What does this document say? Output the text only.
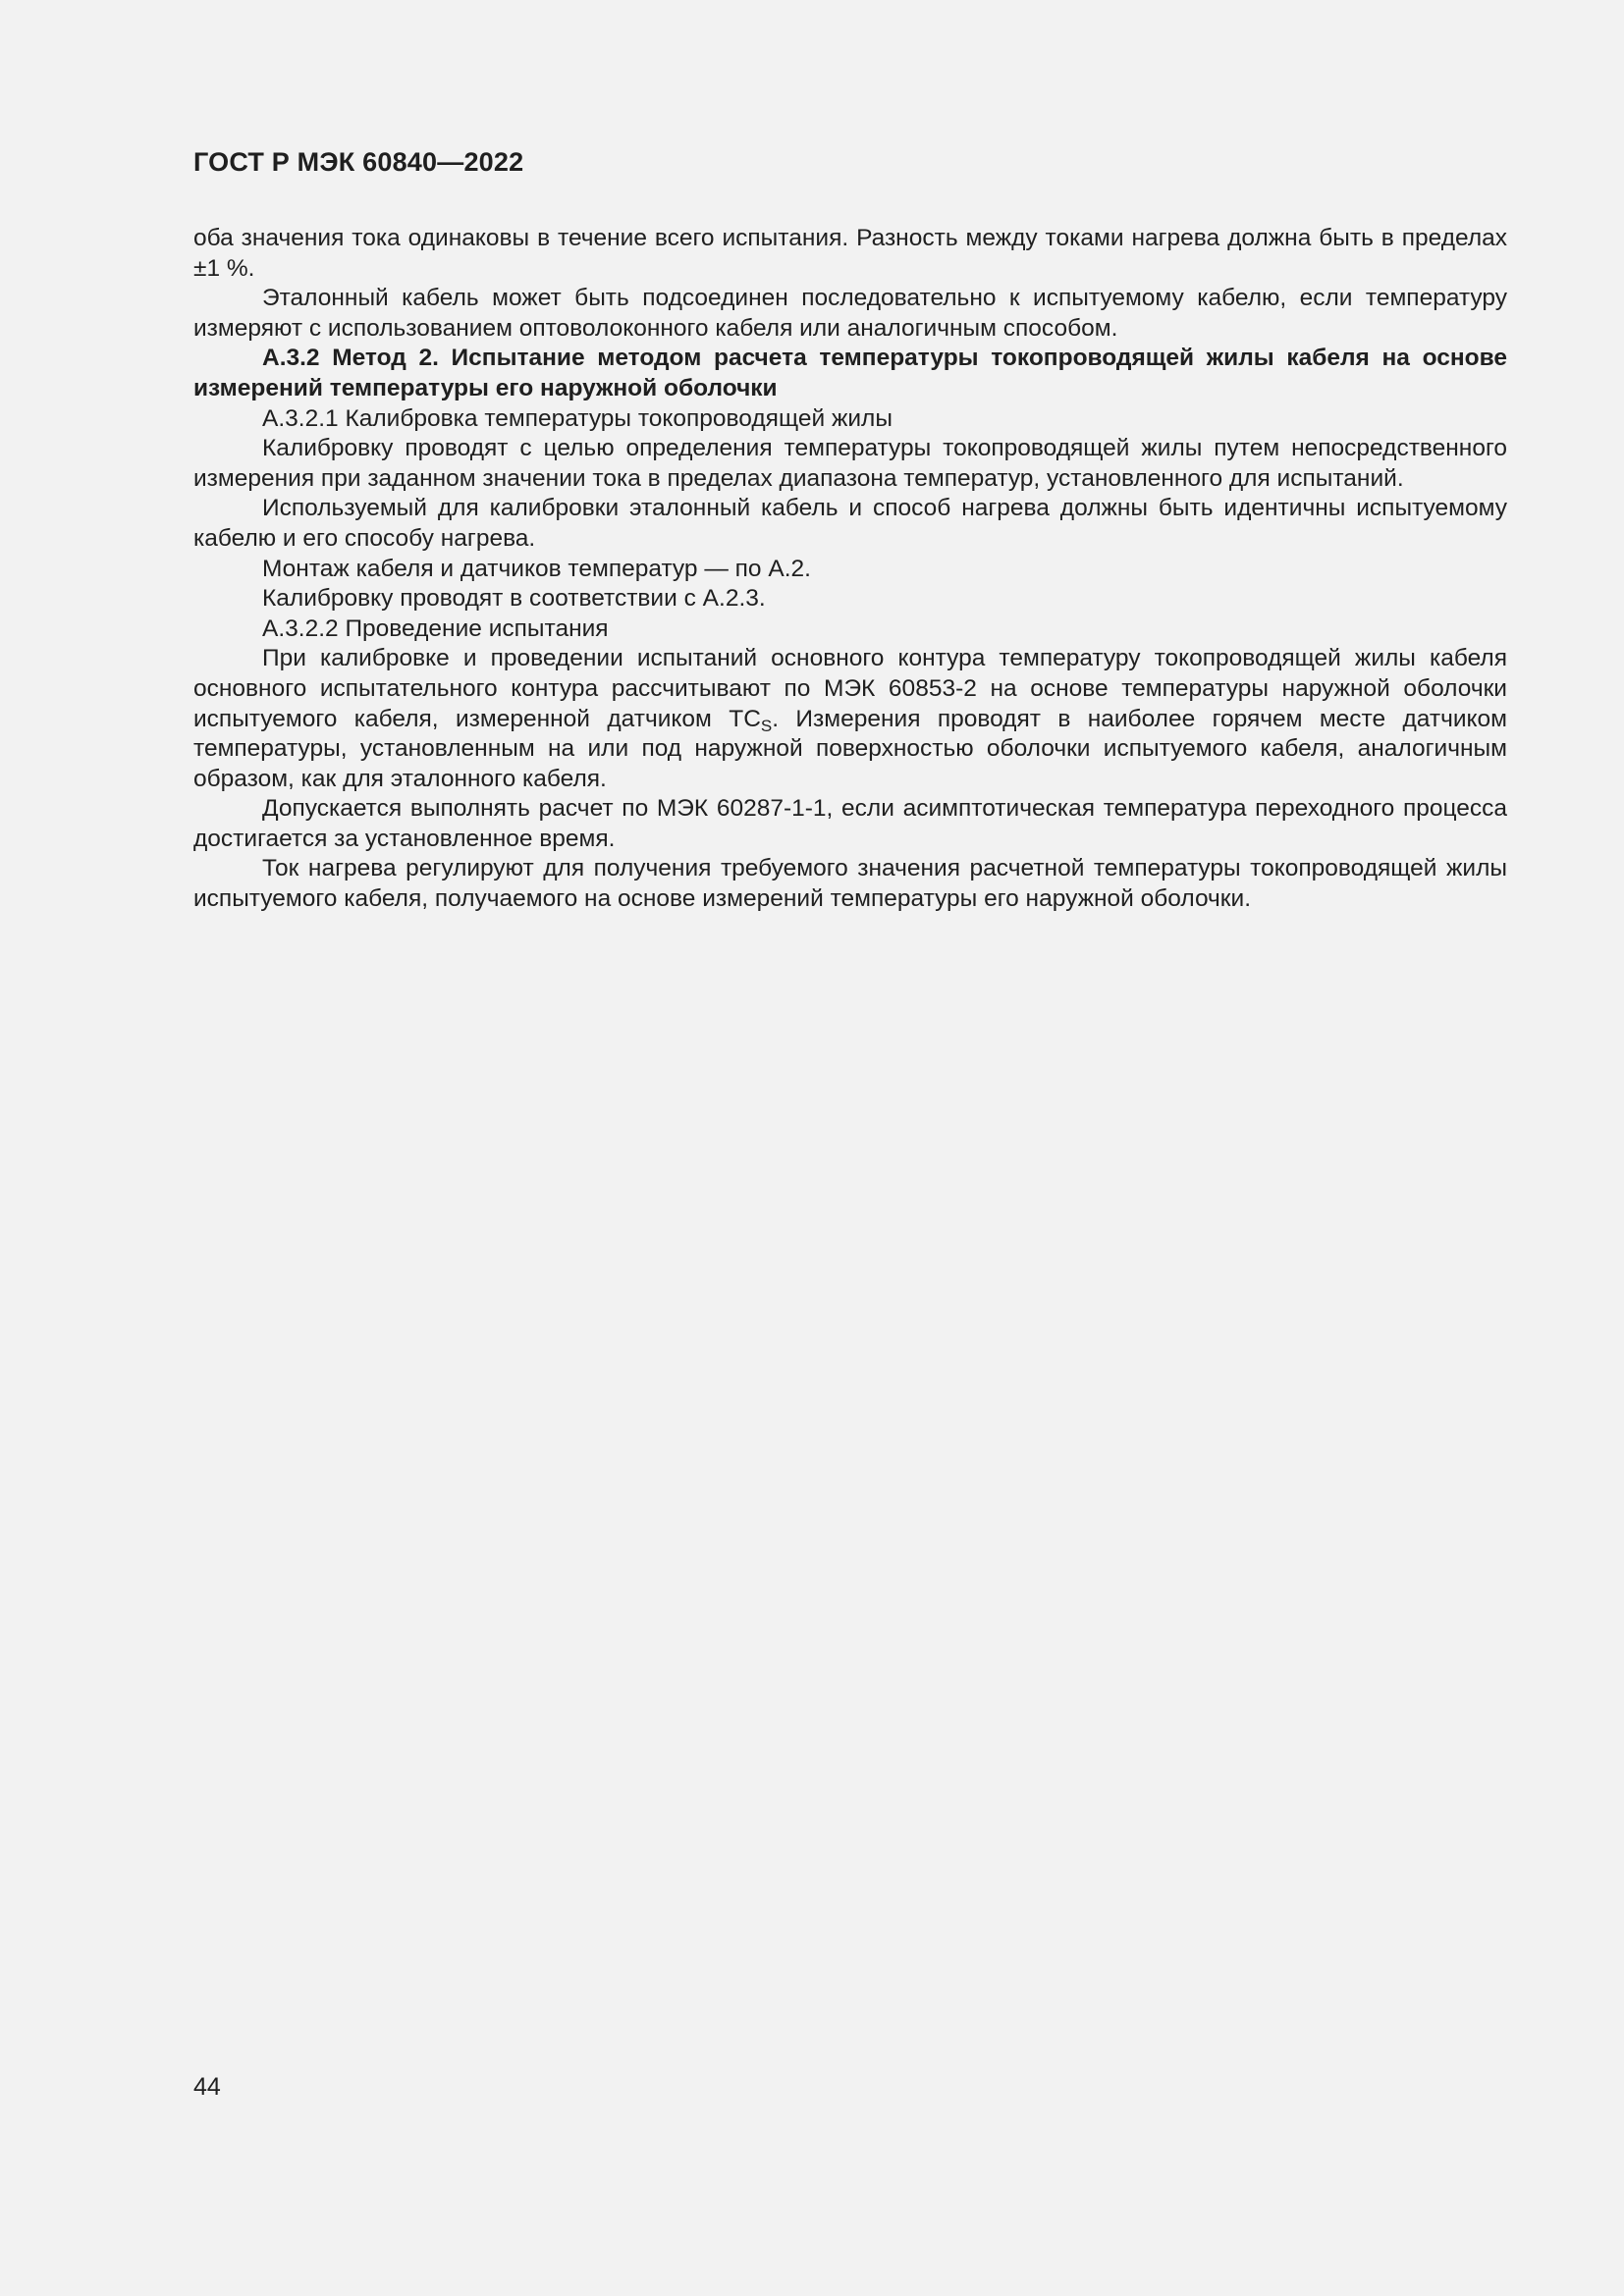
ГОСТ Р МЭК 60840—2022

оба значения тока одинаковы в течение всего испытания. Разность между токами нагрева должна быть в пределах ±1 %.

Эталонный кабель может быть подсоединен последовательно к испытуемому кабелю, если температуру измеряют с использованием оптоволоконного кабеля или аналогичным способом.

А.3.2 Метод 2. Испытание методом расчета температуры токопроводящей жилы кабеля на основе измерений температуры его наружной оболочки

А.3.2.1 Калибровка температуры токопроводящей жилы

Калибровку проводят с целью определения температуры токопроводящей жилы путем непосредственного измерения при заданном значении тока в пределах диапазона температур, установленного для испытаний.

Используемый для калибровки эталонный кабель и способ нагрева должны быть идентичны испытуемому кабелю и его способу нагрева.

Монтаж кабеля и датчиков температур — по А.2.

Калибровку проводят в соответствии с А.2.3.

А.3.2.2 Проведение испытания

При калибровке и проведении испытаний основного контура температуру токопроводящей жилы кабеля основного испытательного контура рассчитывают по МЭК 60853-2 на основе температуры наружной оболочки испытуемого кабеля, измеренной датчиком $TC_S$. Измерения проводят в наиболее горячем месте датчиком температуры, установленным на или под наружной поверхностью оболочки испытуемого кабеля, аналогичным образом, как для эталонного кабеля.

Допускается выполнять расчет по МЭК 60287-1-1, если асимптотическая температура переходного процесса достигается за установленное время.

Ток нагрева регулируют для получения требуемого значения расчетной температуры токопроводящей жилы испытуемого кабеля, получаемого на основе измерений температуры его наружной оболочки.

44
